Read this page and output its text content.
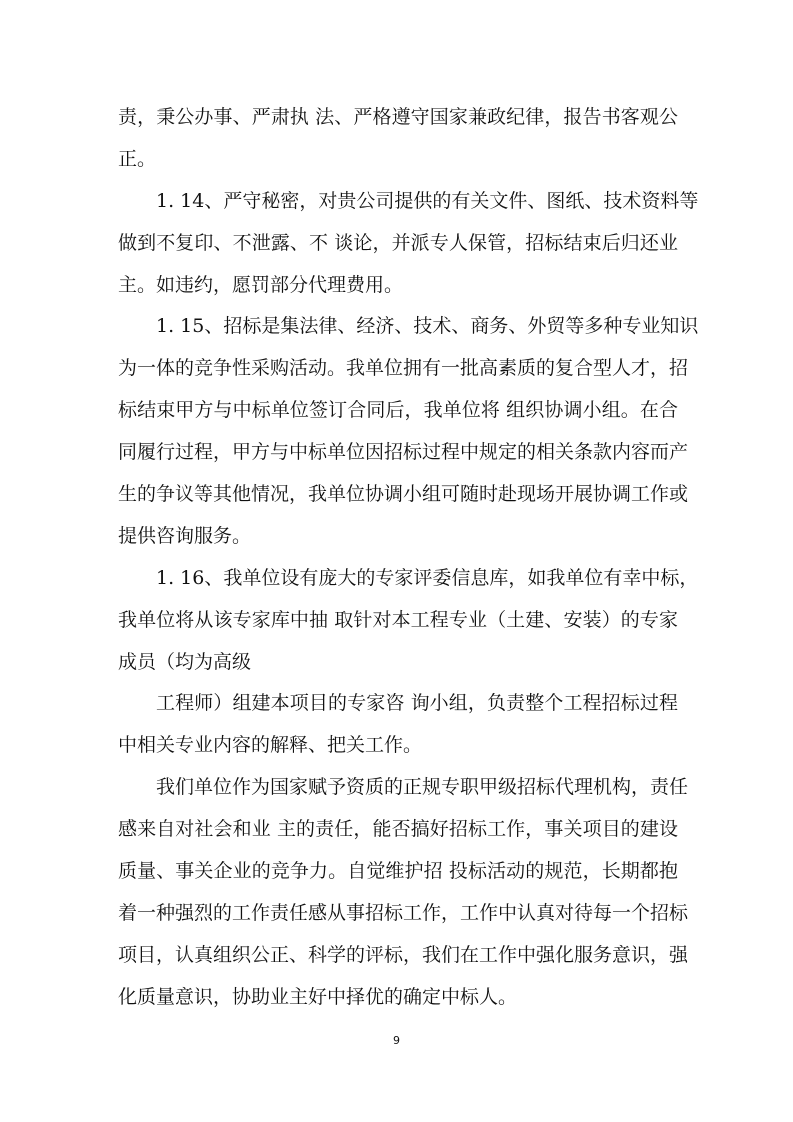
责，秉公办事、严肃执 法、严格遵守国家兼政纪律，报告书客观公
正。
1. 14、严守秘密，对贵公司提供的有关文件、图纸、技术资料等
做到不复印、不泄露、不 谈论，并派专人保管，招标结束后归还业
主。如违约，愿罚部分代理费用。
1. 15、招标是集法律、经济、技术、商务、外贸等多种专业知识
为一体的竞争性采购活动。我单位拥有一批高素质的复合型人才，招
标结束甲方与中标单位签订合同后，我单位将 组织协调小组。在合
同履行过程，甲方与中标单位因招标过程中规定的相关条款内容而产
生的争议等其他情况，我单位协调小组可随时赴现场开展协调工作或
提供咨询服务。
1. 16、我单位设有庞大的专家评委信息库，如我单位有幸中标，
我单位将从该专家库中抽 取针对本工程专业（土建、安装）的专家
成员（均为高级
工程师）组建本项目的专家咨 询小组，负责整个工程招标过程
中相关专业内容的解释、把关工作。
我们单位作为国家赋予资质的正规专职甲级招标代理机构，责任
感来自对社会和业 主的责任，能否搞好招标工作，事关项目的建设
质量、事关企业的竞争力。自觉维护招 投标活动的规范，长期都抱
着一种强烈的工作责任感从事招标工作，工作中认真对待每一个招标
项目，认真组织公正、科学的评标，我们在工作中强化服务意识，强
化质量意识，协助业主好中择优的确定中标人。
9
